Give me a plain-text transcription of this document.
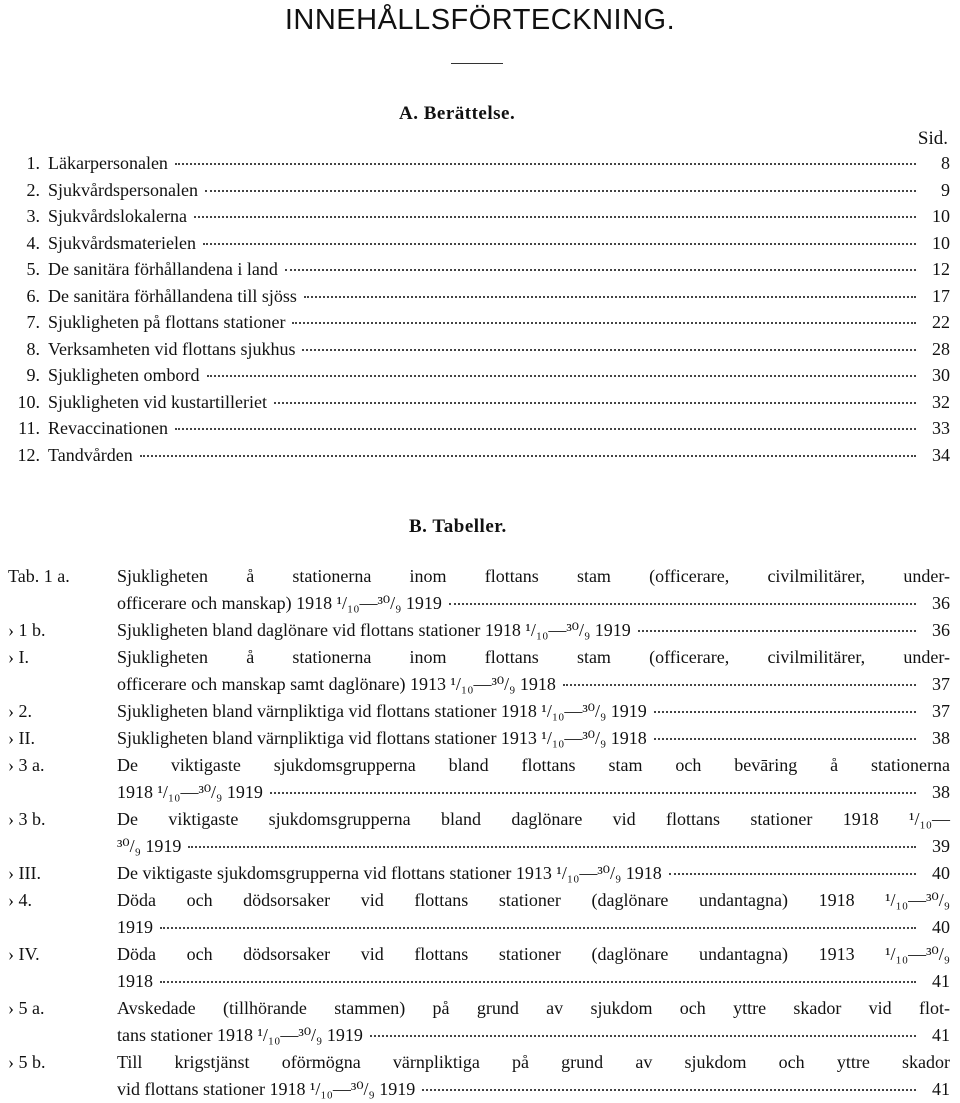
INNEHÅLLSFÖRTECKNING.
A. Berättelse.
Sid.
1. Läkarpersonalen	8
2. Sjukvårdspersonalen	9
3. Sjukvårdslokalerna	10
4. Sjukvårdsmaterielen	10
5. De sanitära förhållandena i land	12
6. De sanitära förhållandena till sjöss	17
7. Sjukligheten på flottans stationer	22
8. Verksamheten vid flottans sjukhus	28
9. Sjukligheten ombord	30
10. Sjukligheten vid kustartilleriet	32
11. Revaccinationen	33
12. Tandvården	34
B. Tabeller.
Tab. 1 a.	Sjukligheten å stationerna inom flottans stam (officerare, civilmilitärer, under-
officerare och manskap) 1918 ¹/₁₀—³⁰/₉ 1919	36
› 1 b.	Sjukligheten bland daglönare vid flottans stationer 1918 ¹/₁₀—³⁰/₉ 1919	36
› I.	Sjukligheten å stationerna inom flottans stam (officerare, civilmilitärer, under-
officerare och manskap samt daglönare) 1913 ¹/₁₀—³⁰/₉ 1918	37
› 2.	Sjukligheten bland värnpliktiga vid flottans stationer 1918 ¹/₁₀—³⁰/₉ 1919	37
› II.	Sjukligheten bland värnpliktiga vid flottans stationer 1913 ¹/₁₀—³⁰/₉ 1918	38
› 3 a.	De viktigaste sjukdomsgrupperna bland flottans stam och bevāring å stationerna
1918 ¹/₁₀—³⁰/₉ 1919	38
› 3 b.	De viktigaste sjukdomsgrupperna bland daglönare vid flottans stationer 1918 ¹/₁₀—
³⁰/₉ 1919	39
› III.	De viktigaste sjukdomsgrupperna vid flottans stationer 1913 ¹/₁₀—³⁰/₉ 1918	40
› 4.	Döda och dödsorsaker vid flottans stationer (daglönare undantagna) 1918 ¹/₁₀—³⁰/₉
1919	40
› IV.	Döda och dödsorsaker vid flottans stationer (daglönare undantagna) 1913 ¹/₁₀—³⁰/₉
1918	41
› 5 a.	Avskedade (tillhörande stammen) på grund av sjukdom och yttre skador vid flot-
tans stationer 1918 ¹/₁₀—³⁰/₉ 1919	41
› 5 b.	Till krigstjänst oförmögna värnpliktiga på grund av sjukdom och yttre skador
vid flottans stationer 1918 ¹/₁₀—³⁰/₉ 1919	41
